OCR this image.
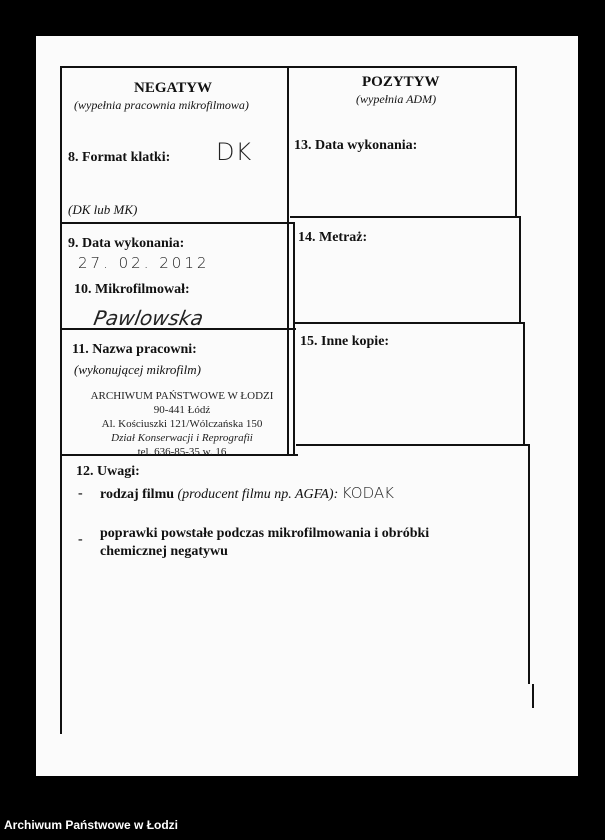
NEGATYW
(wypełnia pracownia mikrofilmowa)
POZYTYW
(wypełnia ADM)
8. Format klatki: DK
(DK lub MK)
13. Data wykonania:
9. Data wykonania:
27. 02. 2012
10. Mikrofilmował:
Pawlowska
14. Metraż:
11. Nazwa pracowni:
(wykonującej mikrofilm)
ARCHIWUM PAŃSTWOWE W ŁODZI
90-441 Łódź
Al. Kościuszki 121/Wólczańska 150
Dział Konserwacji i Reprografii
tel. 636-85-35 w. 16
15. Inne kopie:
12. Uwagi:
- rodzaj filmu (producent filmu np. AGFA): KODAK
- poprawki powstałe podczas mikrofilmowania i obróbki
chemicznej negatywu
Archiwum Państwowe w Łodzi
